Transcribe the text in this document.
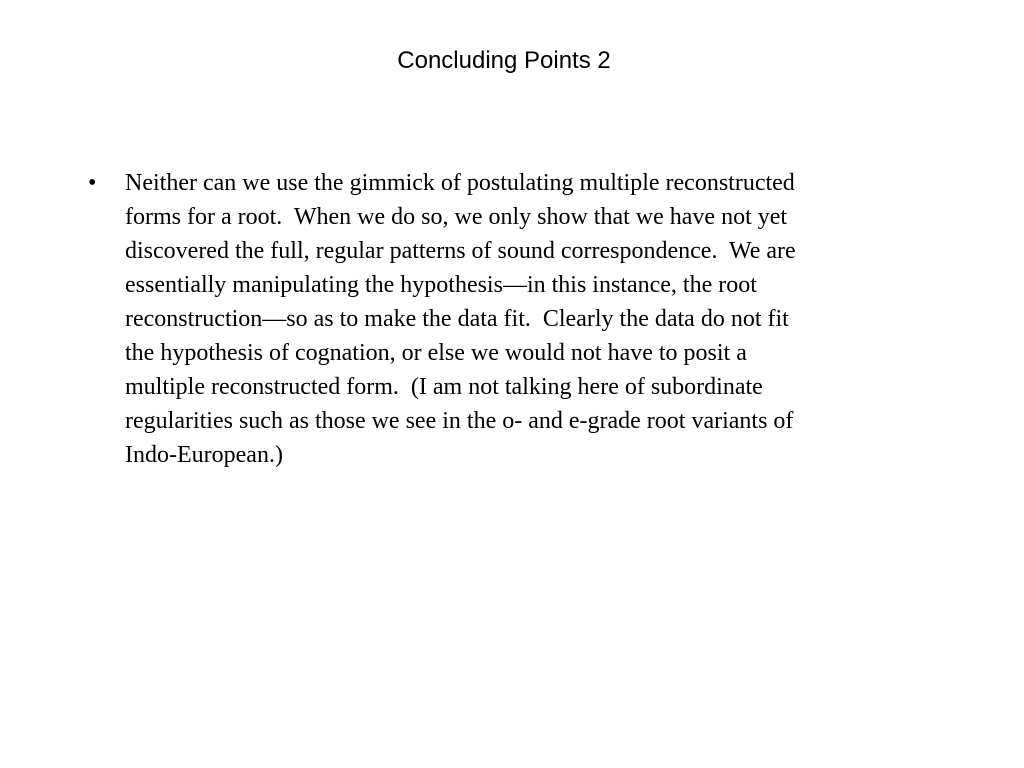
Concluding Points 2
• Neither can we use the gimmick of postulating multiple reconstructed
forms for a root.  When we do so, we only show that we have not yet
discovered the full, regular patterns of sound correspondence.  We are
essentially manipulating the hypothesis—in this instance, the root
reconstruction—so as to make the data fit.  Clearly the data do not fit
the hypothesis of cognation, or else we would not have to posit a
multiple reconstructed form.  (I am not talking here of subordinate
regularities such as those we see in the o- and e-grade root variants of
Indo-European.)
